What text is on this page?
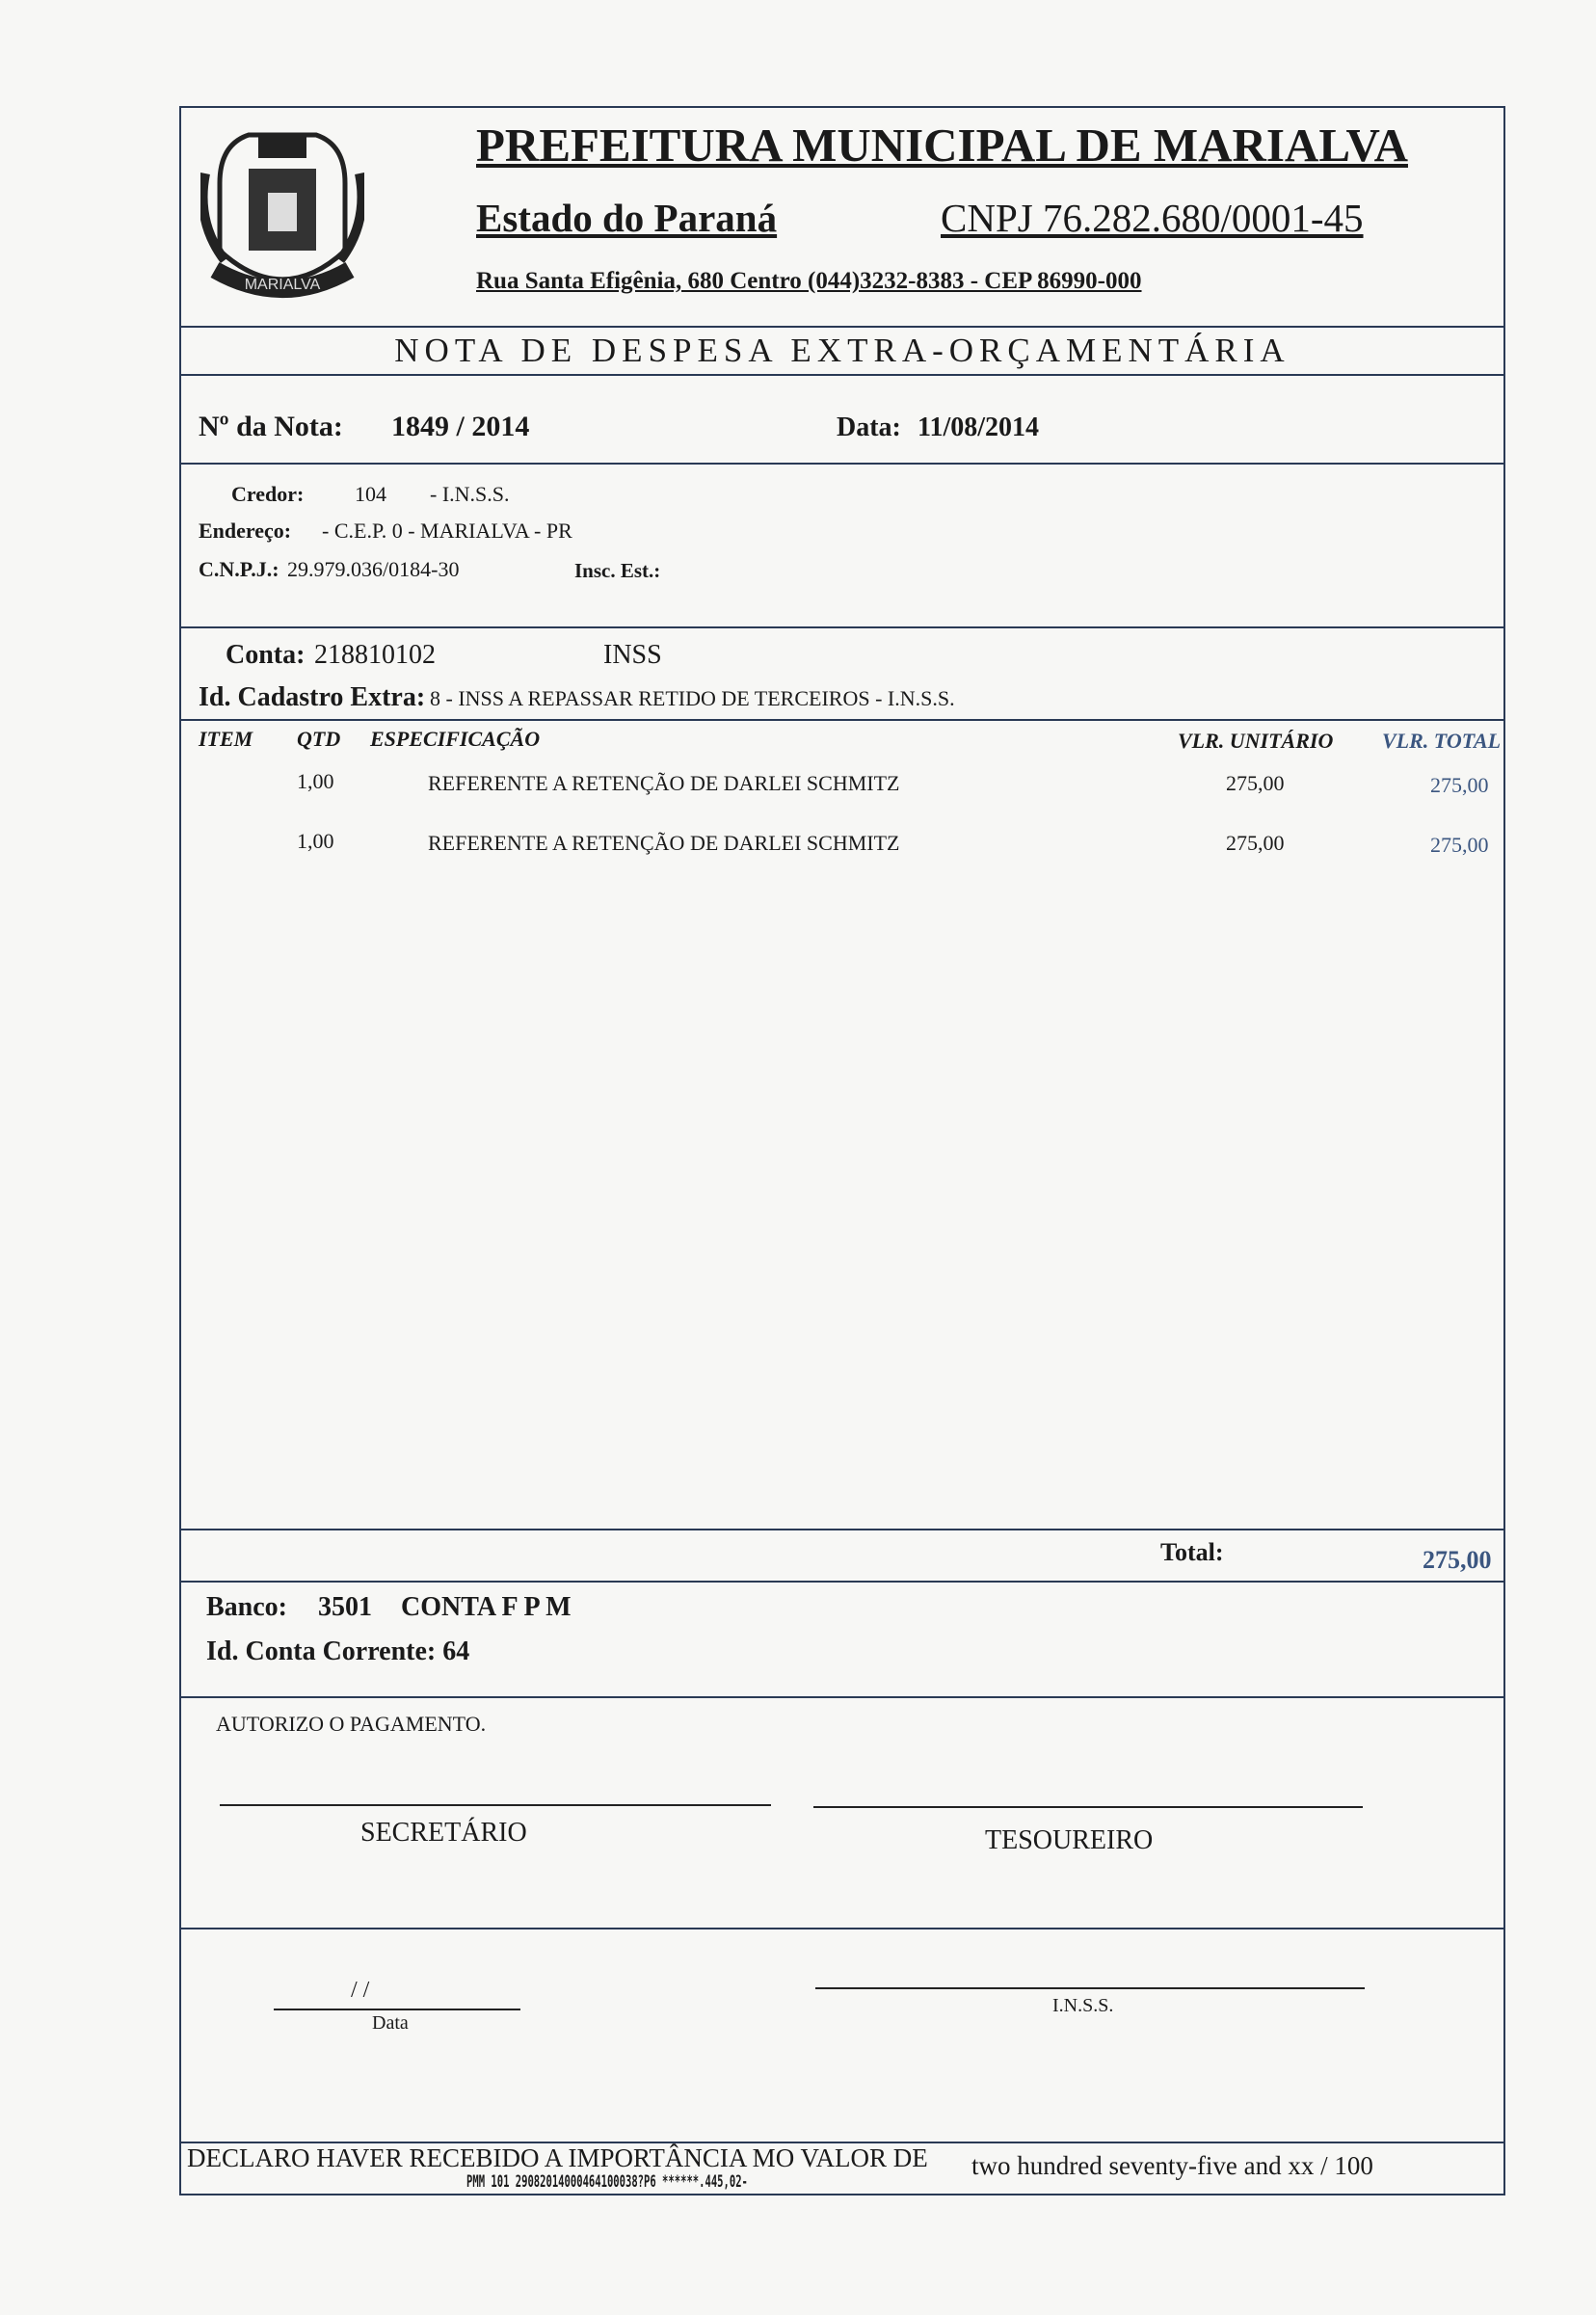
MARIALVA
PREFEITURA MUNICIPAL DE MARIALVA
Estado do Paraná	CNPJ 76.282.680/0001-45
Rua Santa Efigênia, 680 Centro (044)3232-8383 - CEP 86990-000
NOTA DE DESPESA EXTRA-ORÇAMENTÁRIA
Nº da Nota: 1849 / 2014	Data: 11/08/2014
Credor: 104 - I.N.S.S.
Endereço: - C.E.P. 0 - MARIALVA - PR
C.N.P.J.: 29.979.036/0184-30	Insc. Est.:
Conta: 218810102	INSS
Id. Cadastro Extra: 8 - INSS A REPASSAR RETIDO DE TERCEIROS - I.N.S.S.
ITEM QTD ESPECIFICAÇÃO	VLR. UNITÁRIO VLR. TOTAL
1,00	REFERENTE A RETENÇÃO DE DARLEI SCHMITZ	275,00	275,00
1,00	REFERENTE A RETENÇÃO DE DARLEI SCHMITZ	275,00	275,00
Total:	275,00
Banco: 3501 CONTA F P M
Id. Conta Corrente: 64
AUTORIZO O PAGAMENTO.
SECRETÁRIO	TESOUREIRO
/ /
Data
I.N.S.S.
DECLARO HAVER RECEBIDO A IMPORTÂNCIA MO VALOR DE two hundred seventy-five and xx / 100
PMM 101 29082014000464100038?P6 ******.445,02-
